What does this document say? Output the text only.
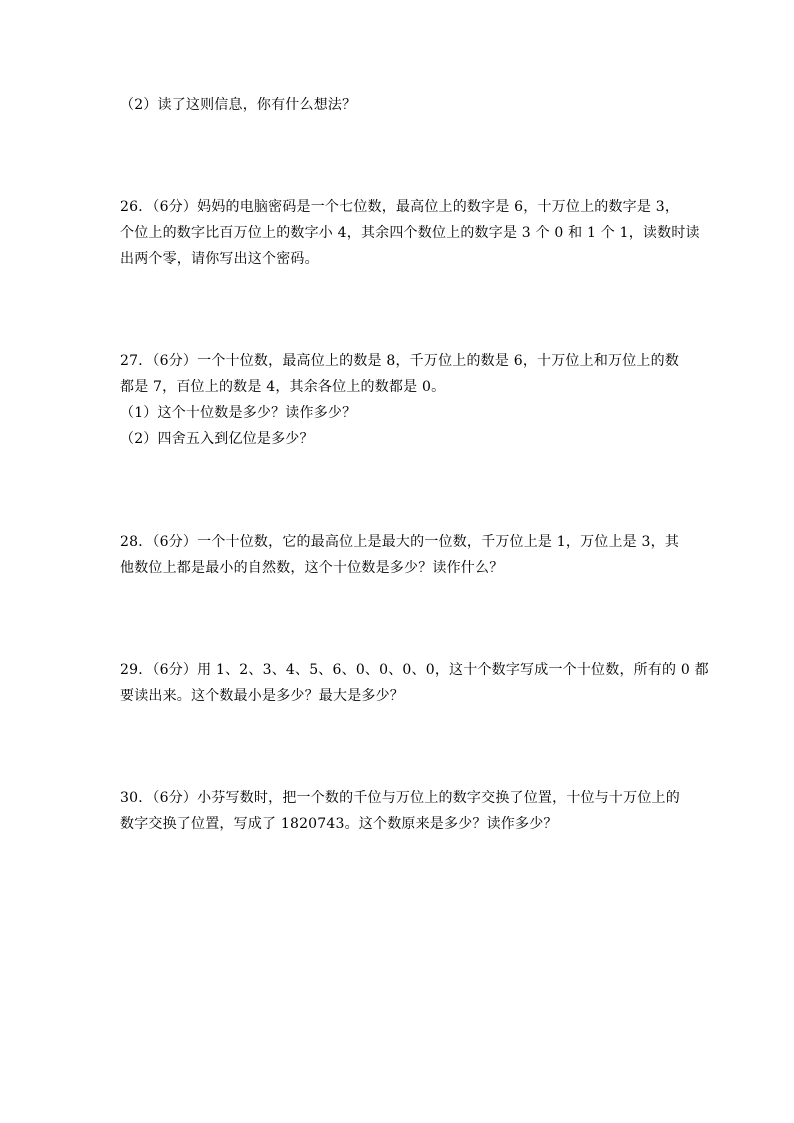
（2）读了这则信息，你有什么想法？
26．（6分）妈妈的电脑密码是一个七位数，最高位上的数字是 6，十万位上的数字是 3，
个位上的数字比百万位上的数字小 4，其余四个数位上的数字是 3 个 0 和 1 个 1，读数时读
出两个零，请你写出这个密码。
27．（6分）一个十位数，最高位上的数是 8，千万位上的数是 6，十万位上和万位上的数
都是 7，百位上的数是 4，其余各位上的数都是 0。
（1）这个十位数是多少？读作多少？
（2）四舍五入到亿位是多少？
28．（6分）一个十位数，它的最高位上是最大的一位数，千万位上是 1，万位上是 3，其
他数位上都是最小的自然数，这个十位数是多少？读作什么？
29．（6分）用 1、2、3、4、5、6、0、0、0、0，这十个数字写成一个十位数，所有的 0 都
要读出来。这个数最小是多少？最大是多少？
30．（6分）小芬写数时，把一个数的千位与万位上的数字交换了位置，十位与十万位上的
数字交换了位置，写成了 1820743。这个数原来是多少？读作多少？
